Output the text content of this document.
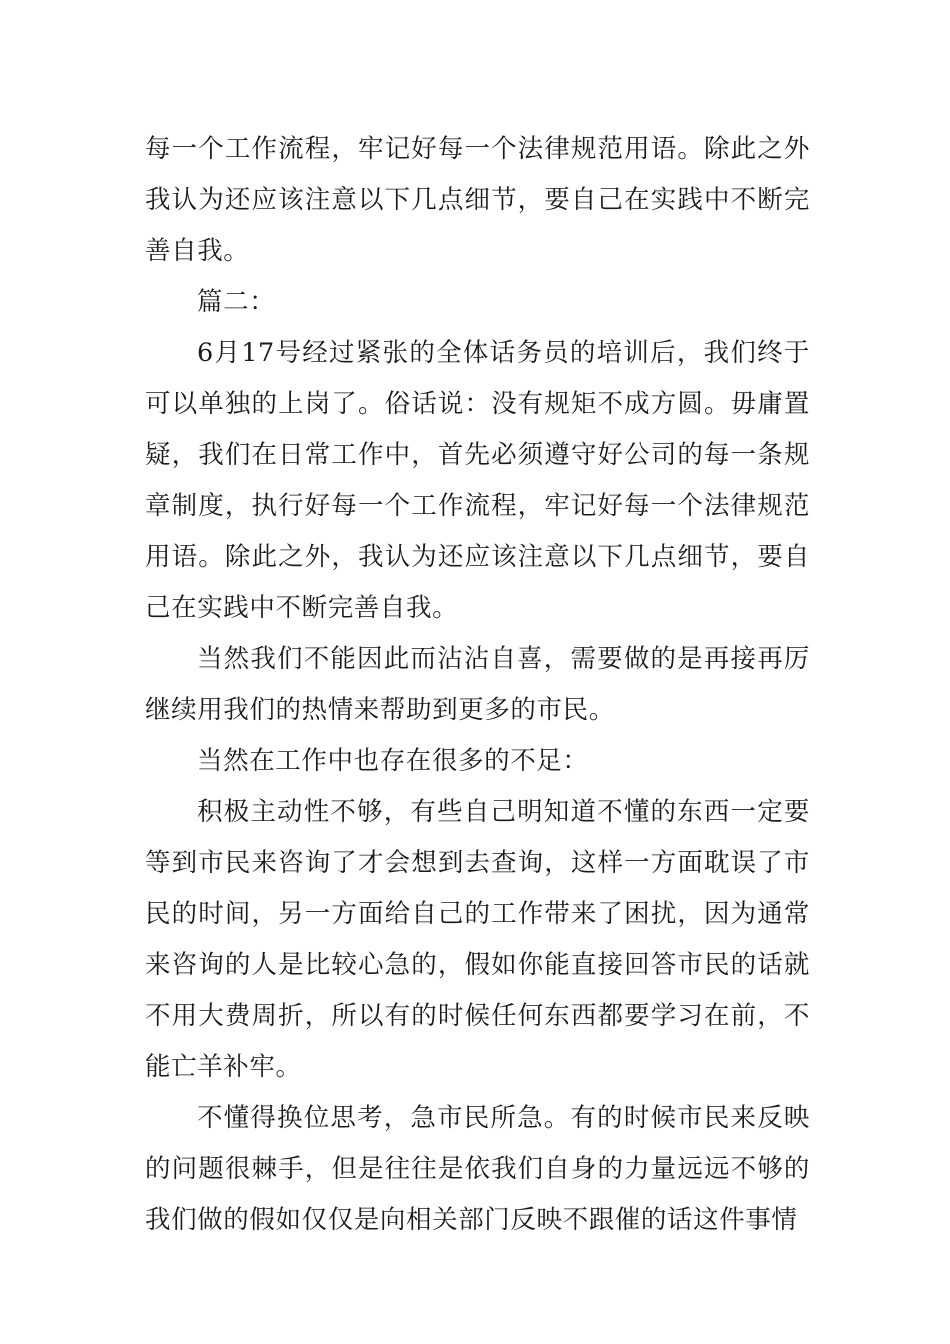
每一个工作流程，牢记好每一个法律规范用语。除此之外我认为还应该注意以下几点细节，要自己在实践中不断完善自我。

篇二：

6月17号经过紧张的全体话务员的培训后，我们终于可以单独的上岗了。俗话说：没有规矩不成方圆。毋庸置疑，我们在日常工作中，首先必须遵守好公司的每一条规章制度，执行好每一个工作流程，牢记好每一个法律规范用语。除此之外，我认为还应该注意以下几点细节，要自己在实践中不断完善自我。

当然我们不能因此而沾沾自喜，需要做的是再接再厉继续用我们的热情来帮助到更多的市民。

当然在工作中也存在很多的不足：

积极主动性不够，有些自己明知道不懂的东西一定要等到市民来咨询了才会想到去查询，这样一方面耽误了市民的时间，另一方面给自己的工作带来了困扰，因为通常来咨询的人是比较心急的，假如你能直接回答市民的话就不用大费周折，所以有的时候任何东西都要学习在前，不能亡羊补牢。

不懂得换位思考，急市民所急。有的时候市民来反映的问题很棘手，但是往往是依我们自身的力量远远不够的我们做的假如仅仅是向相关部门反映不跟催的话这件事情
